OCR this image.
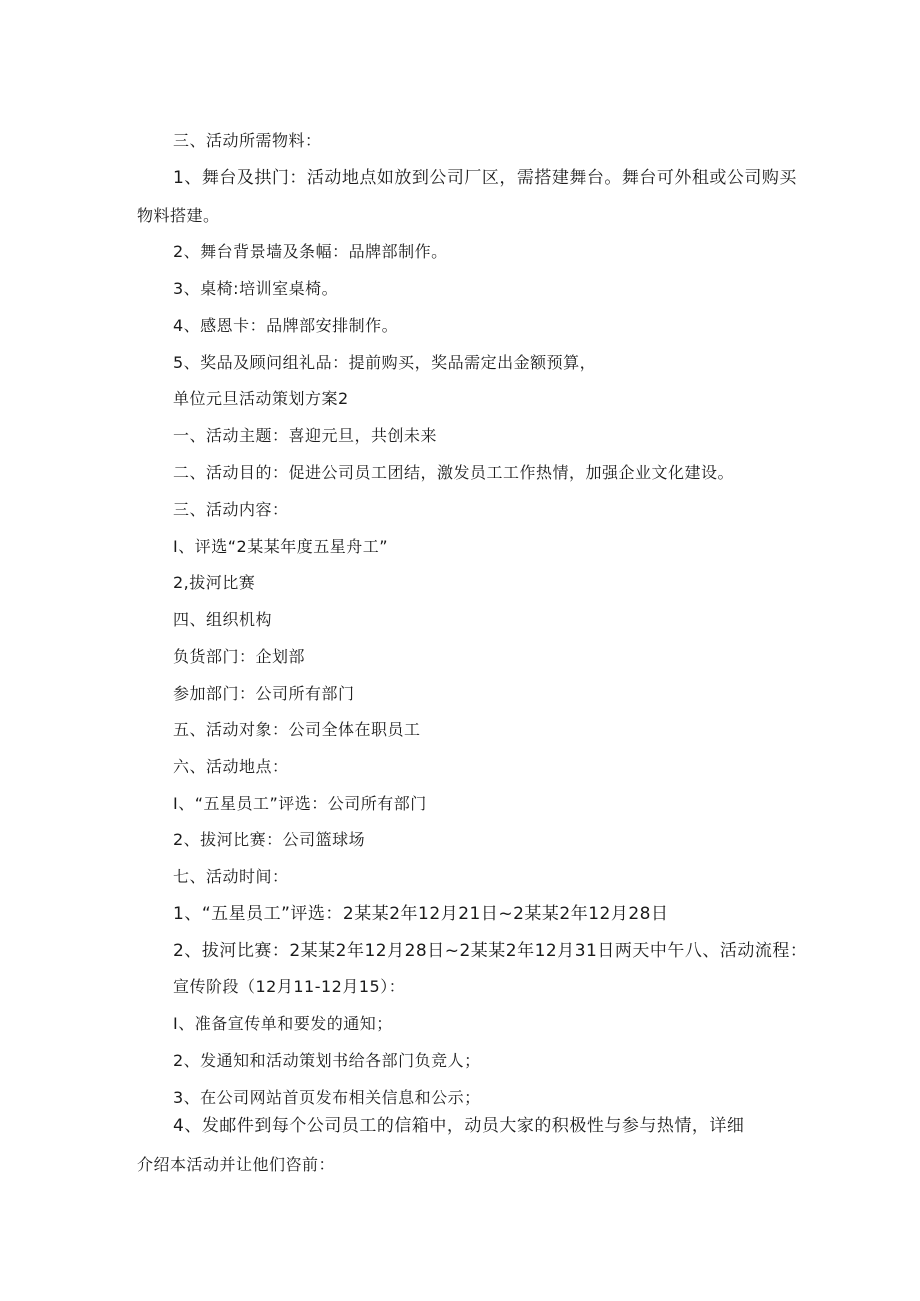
三、活动所需物料：
1、舞台及拱门：活动地点如放到公司厂区，需搭建舞台。舞台可外租或公司购买
物料搭建。
2、舞台背景墙及条幅：品牌部制作。
3、桌椅:培训室桌椅。
4、感恩卡：品牌部安排制作。
5、奖品及顾问组礼品：提前购买，奖品需定出金额预算，
单位元旦活动策划方案2
一、活动主题：喜迎元旦，共创未来
二、活动目的：促进公司员工团结，激发员工工作热情，加强企业文化建设。
三、活动内容：
I、评选“2某某年度五星舟工”
2,拔河比赛
四、组织机构
负货部门：企划部
参加部门：公司所有部门
五、活动对象：公司全体在职员工
六、活动地点：
I、“五星员工”评选：公司所有部门
2、拔河比赛：公司篮球场
七、活动时间：
1、“五星员工”评选：2某某2年12月21日~2某某2年12月28日
2、拔河比赛：2某某2年12月28日~2某某2年12月31日两天中午八、活动流程：
宣传阶段（12月11-12月15）：
I、准备宣传单和要发的通知；
2、发通知和活动策划书给各部门负竞人；
3、在公司网站首页发布相关信息和公示；
4、发邮件到每个公司员工的信箱中，动员大家的积极性与参与热情，详细
介绍本活动并让他们咨前：
